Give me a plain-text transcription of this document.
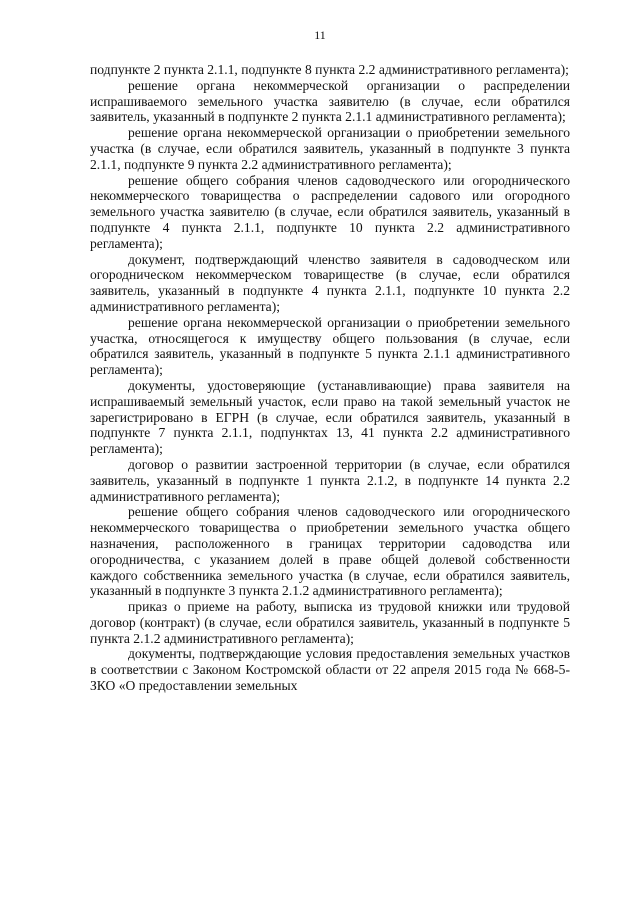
11

подпункте 2 пункта 2.1.1, подпункте 8 пункта 2.2 административного регламента);

решение органа некоммерческой организации о распределении испрашиваемого земельного участка заявителю (в случае, если обратился заявитель, указанный в подпункте 2 пункта 2.1.1 административного регламента);

решение органа некоммерческой организации о приобретении земельного участка (в случае, если обратился заявитель, указанный в подпункте 3 пункта 2.1.1, подпункте 9 пункта 2.2 административного регламента);

решение общего собрания членов садоводческого или огороднического некоммерческого товарищества о распределении садового или огородного земельного участка заявителю (в случае, если обратился заявитель, указанный в подпункте 4 пункта 2.1.1, подпункте 10 пункта 2.2 административного регламента);

документ, подтверждающий членство заявителя в садоводческом или огородническом некоммерческом товариществе (в случае, если обратился заявитель, указанный в подпункте 4 пункта 2.1.1, подпункте 10 пункта 2.2 административного регламента);

решение органа некоммерческой организации о приобретении земельного участка, относящегося к имуществу общего пользования (в случае, если обратился заявитель, указанный в подпункте 5 пункта 2.1.1 административного регламента);

документы, удостоверяющие (устанавливающие) права заявителя на испрашиваемый земельный участок, если право на такой земельный участок не зарегистрировано в ЕГРН (в случае, если обратился заявитель, указанный в подпункте 7 пункта 2.1.1, подпунктах 13, 41 пункта 2.2 административного регламента);

договор о развитии застроенной территории (в случае, если обратился заявитель, указанный в подпункте 1 пункта 2.1.2, в подпункте 14 пункта 2.2 административного регламента);

решение общего собрания членов садоводческого или огороднического некоммерческого товарищества о приобретении земельного участка общего назначения, расположенного в границах территории садоводства или огородничества, с указанием долей в праве общей долевой собственности каждого собственника земельного участка (в случае, если обратился заявитель, указанный в подпункте 3 пункта 2.1.2 административного регламента);

приказ о приеме на работу, выписка из трудовой книжки или трудовой договор (контракт) (в случае, если обратился заявитель, указанный в подпункте 5 пункта 2.1.2 административного регламента);

документы, подтверждающие условия предоставления земельных участков в соответствии с Законом Костромской области от 22 апреля 2015 года № 668-5-ЗКО «О предоставлении земельных
